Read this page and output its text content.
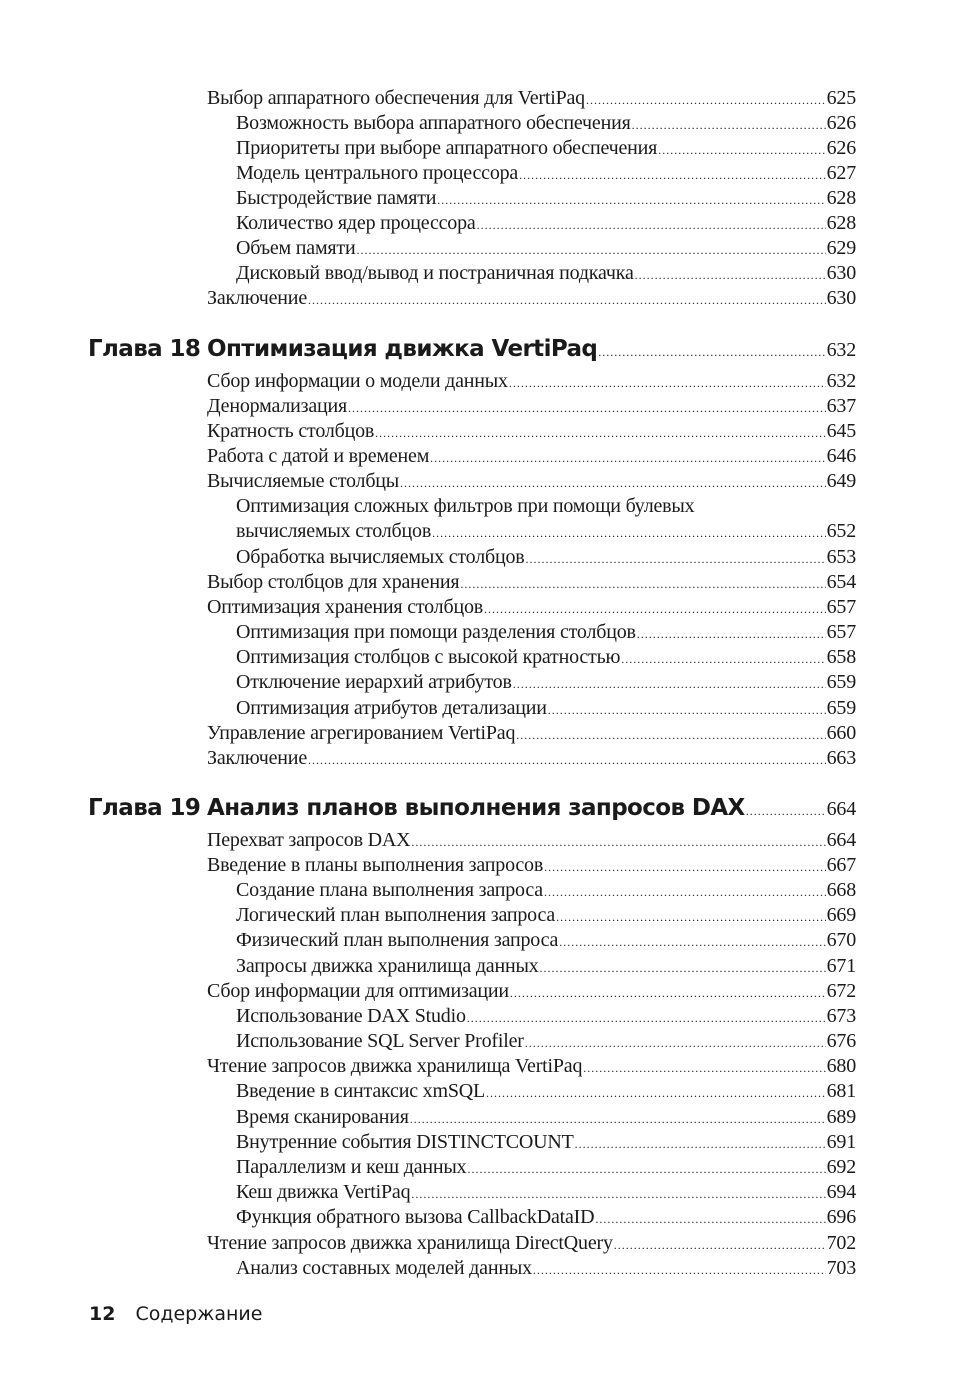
Выбор аппаратного обеспечения для VertiPaq .....	625
Возможность выбора аппаратного обеспечения .....	626
Приоритеты при выборе аппаратного обеспечения .....	626
Модель центрального процессора .....	627
Быстродействие памяти .....	628
Количество ядер процессора .....	628
Объем памяти .....	629
Дисковый ввод/вывод и постраничная подкачка .....	630
Заключение .....	630
Глава 18 Оптимизация движка VertiPaq .....	632
Сбор информации о модели данных .....	632
Денормализация .....	637
Кратность столбцов .....	645
Работа с датой и временем .....	646
Вычисляемые столбцы .....	649
Оптимизация сложных фильтров при помощи булевых
вычисляемых столбцов .....	652
Обработка вычисляемых столбцов .....	653
Выбор столбцов для хранения .....	654
Оптимизация хранения столбцов .....	657
Оптимизация при помощи разделения столбцов .....	657
Оптимизация столбцов с высокой кратностью .....	658
Отключение иерархий атрибутов .....	659
Оптимизация атрибутов детализации .....	659
Управление агрегированием VertiPaq .....	660
Заключение .....	663
Глава 19 Анализ планов выполнения запросов DAX .....	664
Перехват запросов DAX .....	664
Введение в планы выполнения запросов .....	667
Создание плана выполнения запроса .....	668
Логический план выполнения запроса .....	669
Физический план выполнения запроса .....	670
Запросы движка хранилища данных .....	671
Сбор информации для оптимизации .....	672
Использование DAX Studio .....	673
Использование SQL Server Profiler .....	676
Чтение запросов движка хранилища VertiPaq .....	680
Введение в синтаксис xmSQL .....	681
Время сканирования .....	689
Внутренние события DISTINCTCOUNT .....	691
Параллелизм и кеш данных .....	692
Кеш движка VertiPaq .....	694
Функция обратного вызова CallbackDataID .....	696
Чтение запросов движка хранилища DirectQuery .....	702
Анализ составных моделей данных .....	703
12 Содержание
